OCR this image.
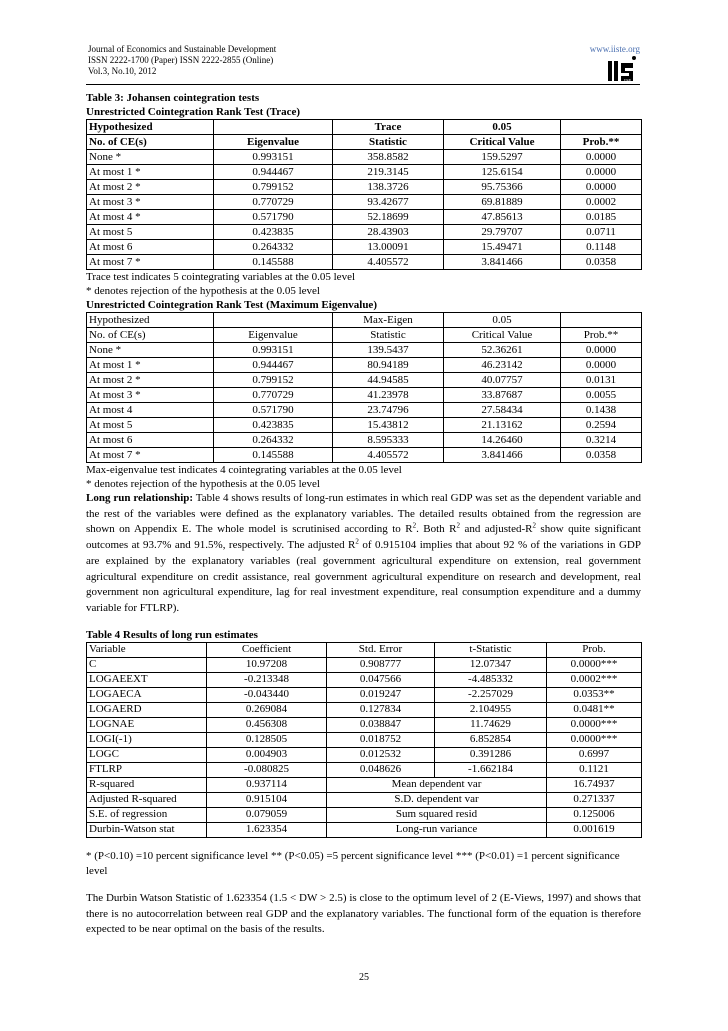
Journal of Economics and Sustainable Development
ISSN 2222-1700 (Paper) ISSN 2222-2855 (Online)
Vol.3, No.10, 2012
www.iiste.org
IISE
Table 3: Johansen cointegration tests
Unrestricted Cointegration Rank Test (Trace)
Hypothesized		Trace	0.05	
No. of CE(s)	Eigenvalue	Statistic	Critical Value	Prob.**
None *	0.993151	358.8582	159.5297	0.0000
At most 1 *	0.944467	219.3145	125.6154	0.0000
At most 2 *	0.799152	138.3726	95.75366	0.0000
At most 3 *	0.770729	93.42677	69.81889	0.0002
At most 4 *	0.571790	52.18699	47.85613	0.0185
At most 5	0.423835	28.43903	29.79707	0.0711
At most 6	0.264332	13.00091	15.49471	0.1148
At most 7 *	0.145588	4.405572	3.841466	0.0358
Trace test indicates 5 cointegrating variables at the 0.05 level
* denotes rejection of the hypothesis at the 0.05 level
Unrestricted Cointegration Rank Test (Maximum Eigenvalue)
Hypothesized		Max-Eigen	0.05	
No. of CE(s)	Eigenvalue	Statistic	Critical Value	Prob.**
None *	0.993151	139.5437	52.36261	0.0000
At most 1 *	0.944467	80.94189	46.23142	0.0000
At most 2 *	0.799152	44.94585	40.07757	0.0131
At most 3 *	0.770729	41.23978	33.87687	0.0055
At most 4	0.571790	23.74796	27.58434	0.1438
At most 5	0.423835	15.43812	21.13162	0.2594
At most 6	0.264332	8.595333	14.26460	0.3214
At most 7 *	0.145588	4.405572	3.841466	0.0358
Max-eigenvalue test indicates 4 cointegrating variables at the 0.05 level
* denotes rejection of the hypothesis at the 0.05 level

Long run relationship: Table 4 shows results of long-run estimates in which real GDP was set as the dependent variable and the rest of the variables were defined as the explanatory variables. The detailed results obtained from the regression are shown on Appendix E. The whole model is scrutinised according to $R^2$. Both $R^2$ and adjusted-$R^2$ show quite significant outcomes at 93.7% and 91.5%, respectively. The adjusted $R^2$ of 0.915104 implies that about 92 % of the variations in GDP are explained by the explanatory variables (real government agricultural expenditure on extension, real government agricultural expenditure on credit assistance, real government agricultural expenditure on research and development, real government non agricultural expenditure, lag for real investment expenditure, real consumption expenditure and a dummy variable for FTLRP).

Table 4 Results of long run estimates
Variable	Coefficient	Std. Error	t-Statistic	Prob.
C	10.97208	0.908777	12.07347	0.0000***
LOGAEEXT	-0.213348	0.047566	-4.485332	0.0002***
LOGAECA	-0.043440	0.019247	-2.257029	0.0353**
LOGAERD	0.269084	0.127834	2.104955	0.0481**
LOGNAE	0.456308	0.038847	11.74629	0.0000***
LOGI(-1)	0.128505	0.018752	6.852854	0.0000***
LOGC	0.004903	0.012532	0.391286	0.6997
FTLRP	-0.080825	0.048626	-1.662184	0.1121
R-squared	0.937114	Mean dependent var		16.74937
Adjusted R-squared	0.915104	S.D. dependent var		0.271337
S.E. of regression	0.079059	Sum squared resid		0.125006
Durbin-Watson stat	1.623354	Long-run variance		0.001619

* (P<0.10) =10 percent significance level ** (P<0.05) =5 percent significance level *** (P<0.01) =1 percent significance level

The Durbin Watson Statistic of 1.623354 (1.5 < DW > 2.5) is close to the optimum level of 2 (E-Views, 1997) and shows that there is no autocorrelation between real GDP and the explanatory variables. The functional form of the equation is therefore expected to be near optimal on the basis of the results.

25
